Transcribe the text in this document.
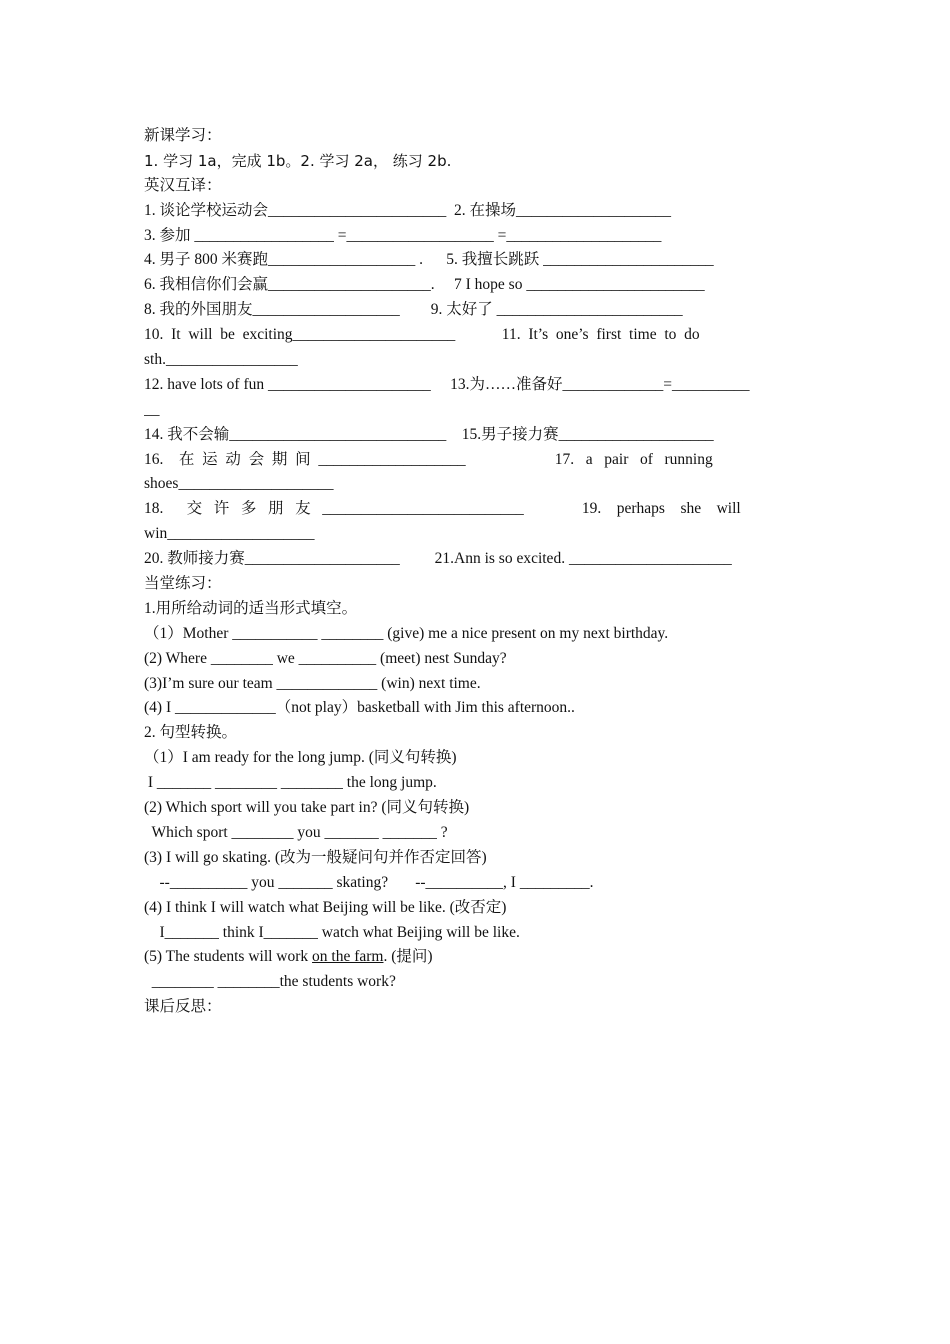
新课学习：
1. 学习 1a，完成 1b。2. 学习 2a， 练习 2b.
英汉互译：
1. 谈论学校运动会_______________________  2. 在操场____________________
3. 参加 __________________ =___________________ =____________________
4. 男子 800 米赛跑___________________ .      5. 我擅长跳跃 ______________________
6. 我相信你们会赢_____________________.     7 I hope so _______________________
8. 我的外国朋友___________________        9. 太好了 ________________________
10.  It  will  be  exciting_____________________            11.  It’s  one’s  first  time  to  do
sth._________________
12. have lots of fun _____________________     13.为……准备好_____________=__________
__
14. 我不会输____________________________    15.男子接力赛____________________
16.    在  运  动  会  期  间  ___________________                       17.   a   pair   of   running
shoes____________________
18.      交   许   多   朋   友   __________________________               19.    perhaps    she    will
win___________________
20. 教师接力赛____________________         21.Ann is so excited. _____________________
当堂练习：
1.用所给动词的适当形式填空。
（1）Mother ___________ ________ (give) me a nice present on my next birthday.
(2) Where ________ we __________ (meet) nest Sunday?
(3)I’m sure our team _____________ (win) next time.
(4) I _____________（not play）basketball with Jim this afternoon..
2. 句型转换。
（1）I am ready for the long jump. (同义句转换)
I _______ ________ ________ the long jump.
(2) Which sport will you take part in? (同义句转换)
Which sport ________ you _______ _______ ?
(3) I will go skating. (改为一般疑问句并作否定回答)
--__________ you _______ skating?       --__________, I _________.
(4) I think I will watch what Beijing will be like. (改否定)
I_______ think I_______ watch what Beijing will be like.
(5) The students will work on the farm. (提问)
________ ________the students work?
课后反思：
